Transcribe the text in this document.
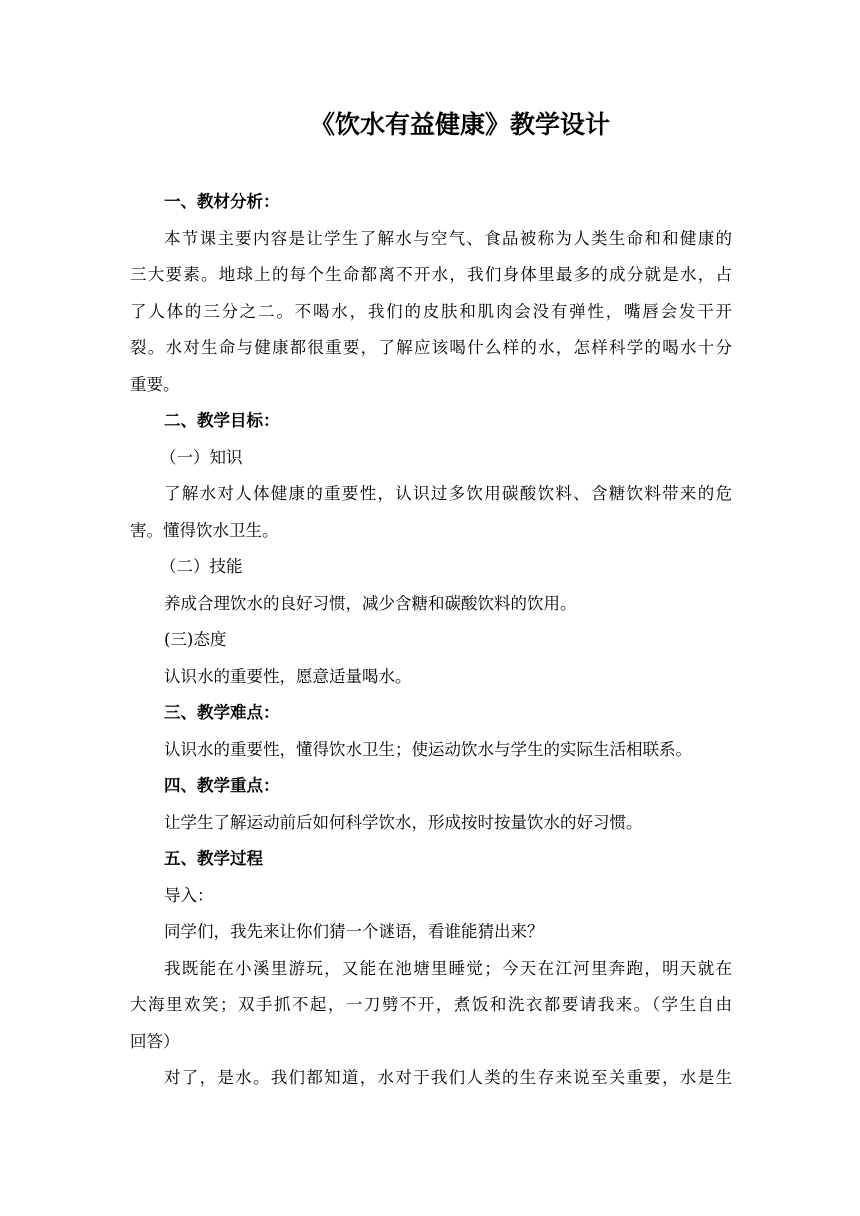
《饮水有益健康》教学设计
一、教材分析：
本节课主要内容是让学生了解水与空气、食品被称为人类生命和和健康的
三大要素。地球上的每个生命都离不开水，我们身体里最多的成分就是水，占
了人体的三分之二。不喝水，我们的皮肤和肌肉会没有弹性，嘴唇会发干开
裂。水对生命与健康都很重要，了解应该喝什么样的水，怎样科学的喝水十分
重要。
二、教学目标：
（一）知识
了解水对人体健康的重要性，认识过多饮用碳酸饮料、含糖饮料带来的危
害。懂得饮水卫生。
（二）技能
养成合理饮水的良好习惯，减少含糖和碳酸饮料的饮用。
(三)态度
认识水的重要性，愿意适量喝水。
三、教学难点：
认识水的重要性，懂得饮水卫生；使运动饮水与学生的实际生活相联系。
四、教学重点：
让学生了解运动前后如何科学饮水，形成按时按量饮水的好习惯。
五、教学过程
导入：
同学们，我先来让你们猜一个谜语，看谁能猜出来？
我既能在小溪里游玩，又能在池塘里睡觉；今天在江河里奔跑，明天就在
大海里欢笑；双手抓不起，一刀劈不开，煮饭和洗衣都要请我来。（学生自由
回答）
对了，是水。我们都知道，水对于我们人类的生存来说至关重要，水是生
